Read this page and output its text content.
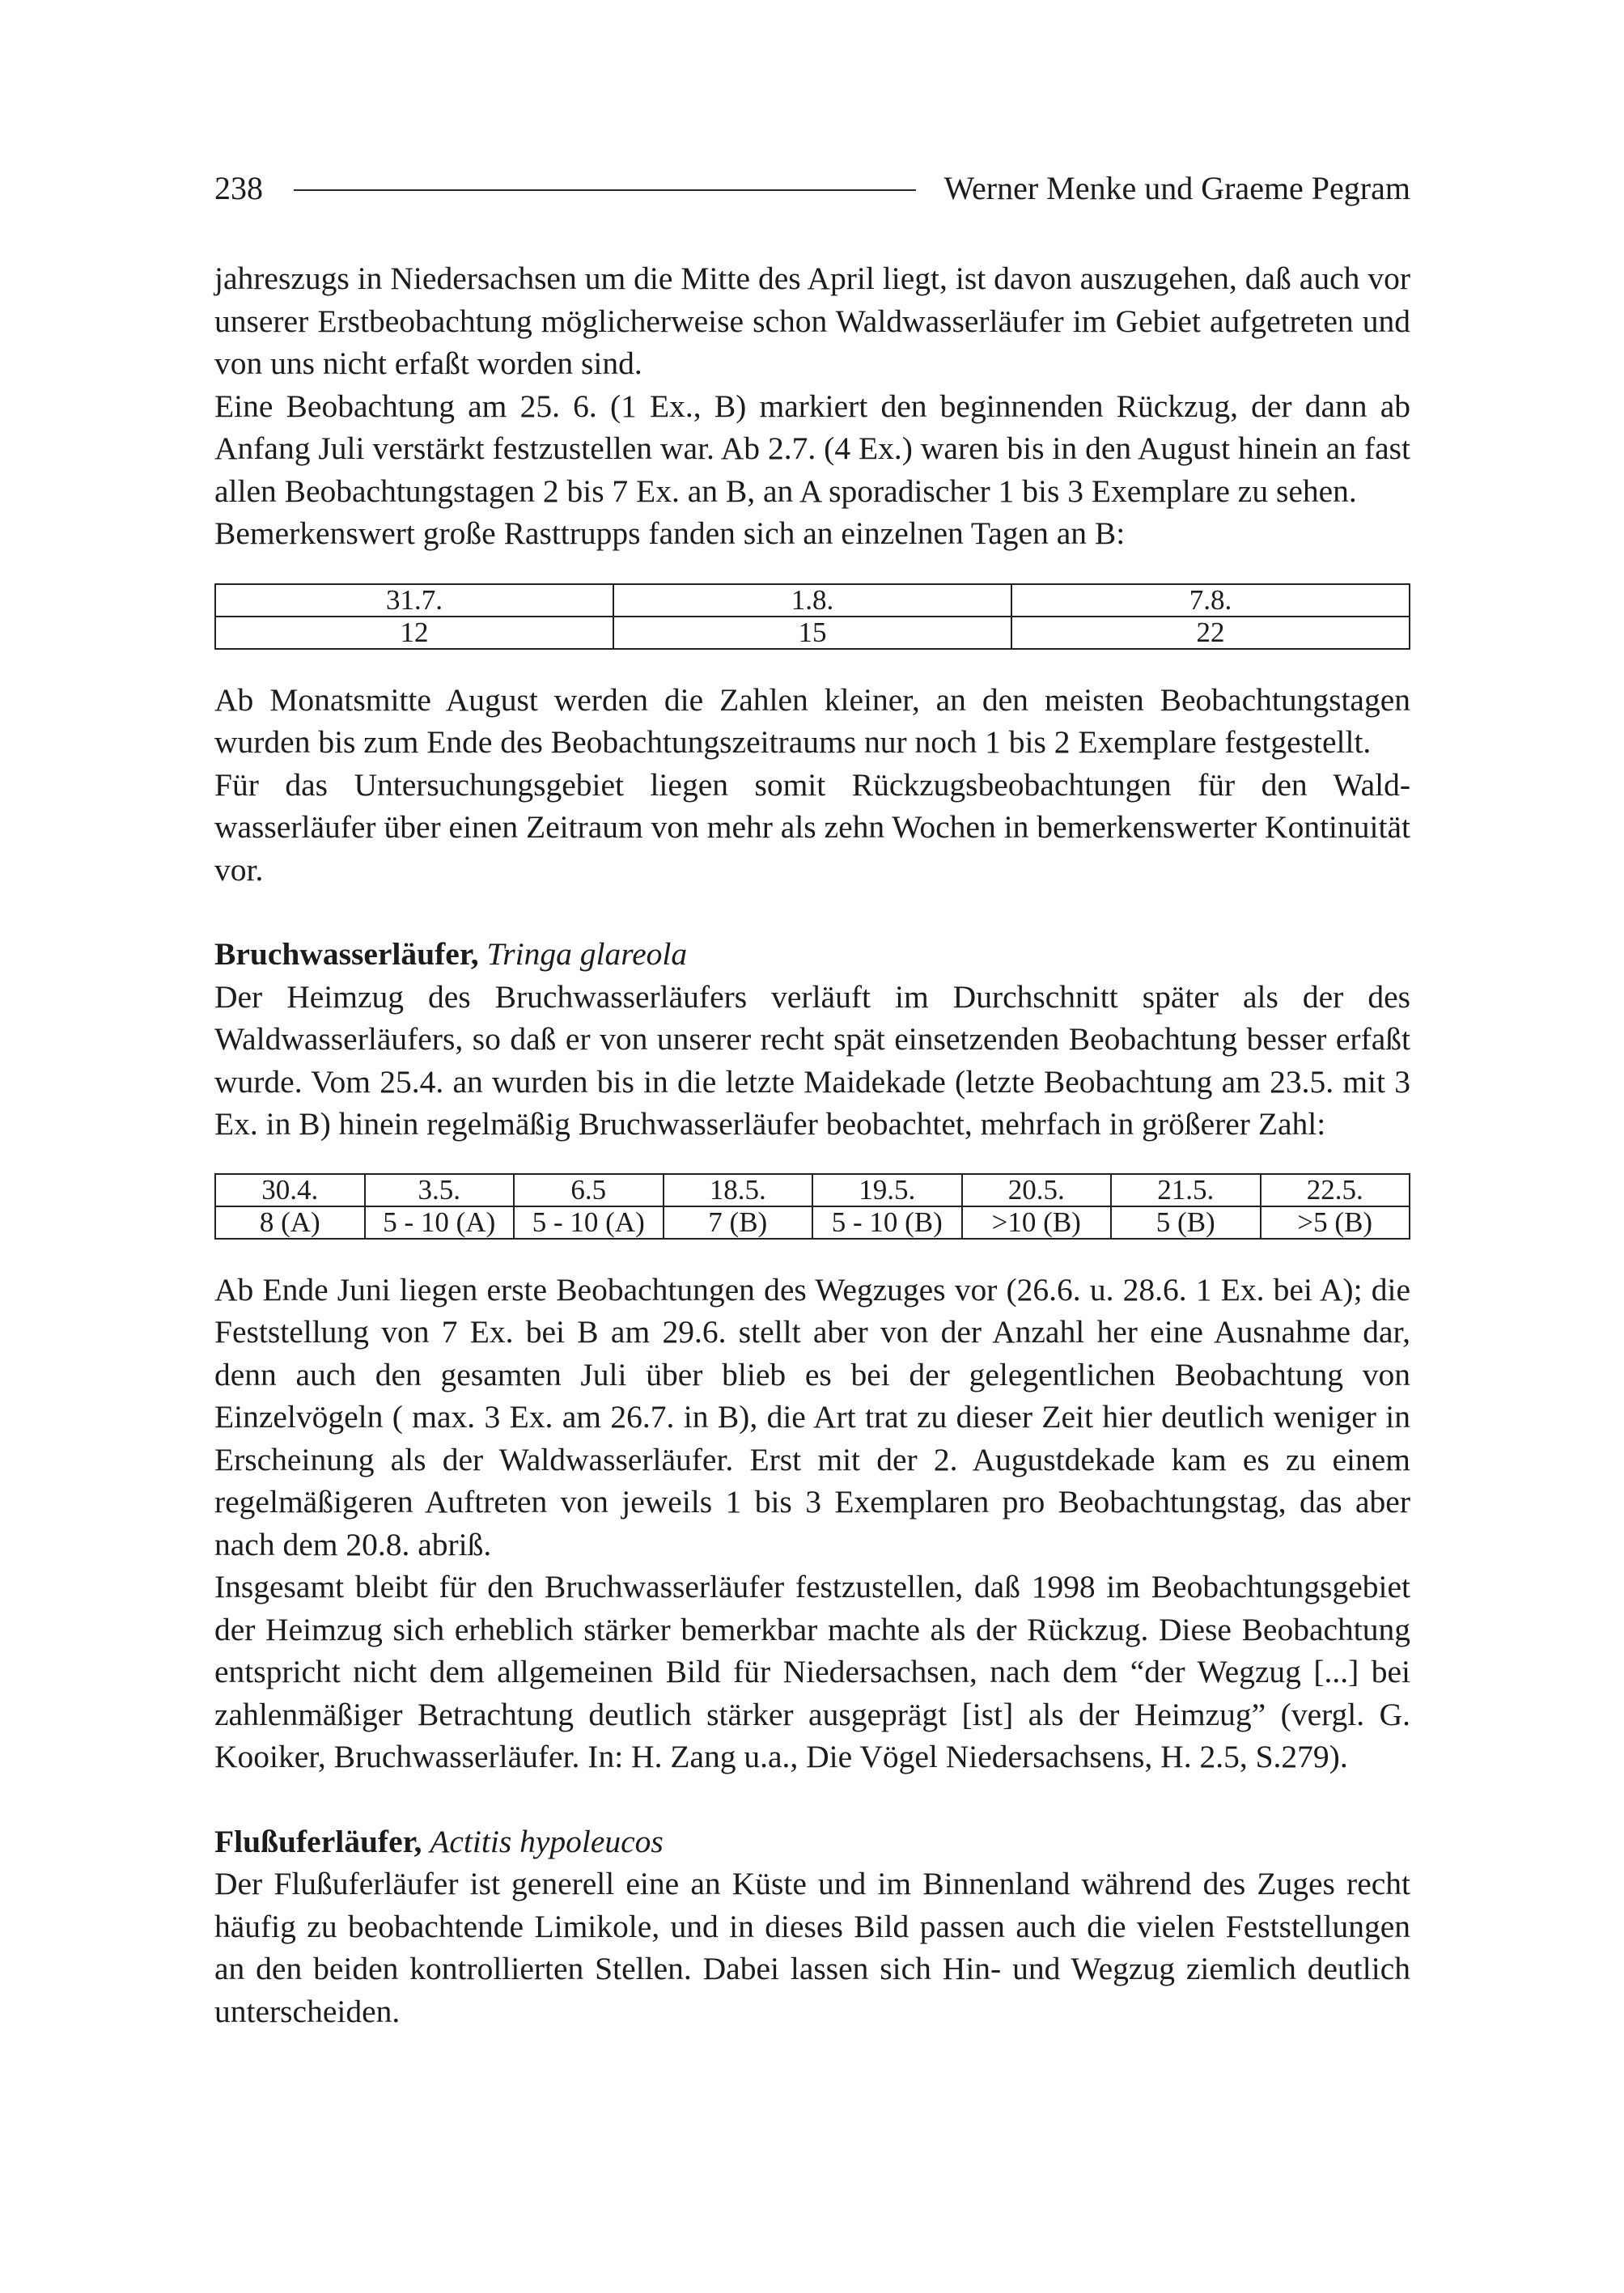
238	Werner Menke und Graeme Pegram

jahreszugs in Niedersachsen um die Mitte des April liegt, ist davon auszugehen, daß auch vor unserer Erstbeobachtung möglicherweise schon Waldwasserläufer im Gebiet aufgetreten und von uns nicht erfaßt worden sind.

Eine Beobachtung am 25. 6. (1 Ex., B) markiert den beginnenden Rückzug, der dann ab Anfang Juli verstärkt festzustellen war. Ab 2.7. (4 Ex.) waren bis in den August hinein an fast allen Beobachtungstagen 2 bis 7 Ex. an B, an A sporadischer 1 bis 3 Exemplare zu sehen.

Bemerkenswert große Rasttrupps fanden sich an einzelnen Tagen an B:

31.7.	1.8.	7.8.
12	15	22

Ab Monatsmitte August werden die Zahlen kleiner, an den meisten Beobachtungstagen wurden bis zum Ende des Beobachtungszeitraums nur noch 1 bis 2 Exemplare festgestellt.

Für das Untersuchungsgebiet liegen somit Rückzugsbeobachtungen für den Waldwasserläufer über einen Zeitraum von mehr als zehn Wochen in bemerkenswerter Kontinuität vor.

Bruchwasserläufer, Tringa glareola

Der Heimzug des Bruchwasserläufers verläuft im Durchschnitt später als der des Waldwasserläufers, so daß er von unserer recht spät einsetzenden Beobachtung besser erfaßt wurde. Vom 25.4. an wurden bis in die letzte Maidekade (letzte Beobachtung am 23.5. mit 3 Ex. in B) hinein regelmäßig Bruchwasserläufer beobachtet, mehrfach in größerer Zahl:

30.4.	3.5.	6.5	18.5.	19.5.	20.5.	21.5.	22.5.
8 (A)	5 - 10 (A)	5 - 10 (A)	7 (B)	5 - 10 (B)	>10 (B)	5 (B)	>5 (B)

Ab Ende Juni liegen erste Beobachtungen des Wegzuges vor (26.6. u. 28.6. 1 Ex. bei A); die Feststellung von 7 Ex. bei B am 29.6. stellt aber von der Anzahl her eine Ausnahme dar, denn auch den gesamten Juli über blieb es bei der gelegentlichen Beobachtung von Einzelvögeln ( max. 3 Ex. am 26.7. in B), die Art trat zu dieser Zeit hier deutlich weniger in Erscheinung als der Waldwasserläufer. Erst mit der 2. Augustdekade kam es zu einem regelmäßigeren Auftreten von jeweils 1 bis 3 Exemplaren pro Beobachtungstag, das aber nach dem 20.8. abriß.

Insgesamt bleibt für den Bruchwasserläufer festzustellen, daß 1998 im Beobachtungsgebiet der Heimzug sich erheblich stärker bemerkbar machte als der Rückzug. Diese Beobachtung entspricht nicht dem allgemeinen Bild für Niedersachsen, nach dem “der Wegzug [...] bei zahlenmäßiger Betrachtung deutlich stärker ausgeprägt [ist] als der Heimzug” (vergl. G. Kooiker, Bruchwasserläufer. In: H. Zang u.a., Die Vögel Niedersachsens, H. 2.5, S.279).

Flußuferläufer, Actitis hypoleucos

Der Flußuferläufer ist generell eine an Küste und im Binnenland während des Zuges recht häufig zu beobachtende Limikole, und in dieses Bild passen auch die vielen Feststellungen an den beiden kontrollierten Stellen. Dabei lassen sich Hin- und Wegzug ziemlich deutlich unterscheiden.
